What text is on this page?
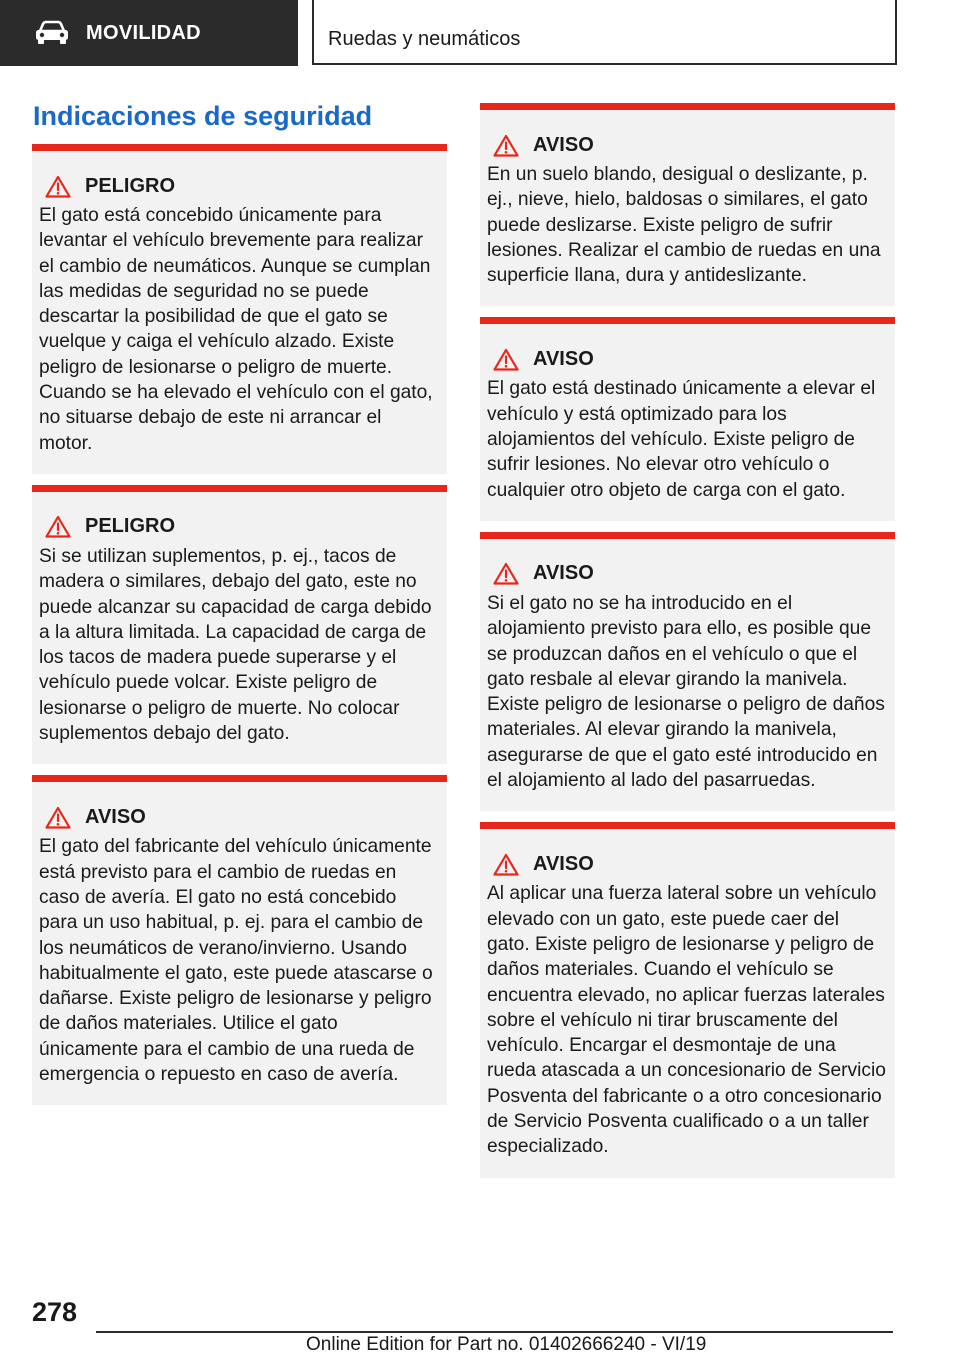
MOVILIDAD	Ruedas y neumáticos
Indicaciones de seguridad
PELIGRO

El gato está concebido únicamente para levantar el vehículo brevemente para realizar el cambio de neumáticos. Aunque se cumplan las medidas de seguridad no se puede descartar la posibilidad de que el gato se vuelque y caiga el vehículo alzado. Existe peligro de lesionarse o peligro de muerte. Cuando se ha elevado el vehículo con el gato, no situarse debajo de este ni arrancar el motor.

PELIGRO

Si se utilizan suplementos, p. ej., tacos de madera o similares, debajo del gato, este no puede alcanzar su capacidad de carga debido a la altura limitada. La capacidad de carga de los tacos de madera puede superarse y el vehículo puede volcar. Existe peligro de lesionarse o peligro de muerte. No colocar suplementos debajo del gato.

AVISO

El gato del fabricante del vehículo únicamente está previsto para el cambio de ruedas en caso de avería. El gato no está concebido para un uso habitual, p. ej. para el cambio de los neumáticos de verano/invierno. Usando habitualmente el gato, este puede atascarse o dañarse. Existe peligro de lesionarse y peligro de daños materiales. Utilice el gato únicamente para el cambio de una rueda de emergencia o repuesto en caso de avería.

AVISO

En un suelo blando, desigual o deslizante, p. ej., nieve, hielo, baldosas o similares, el gato puede deslizarse. Existe peligro de sufrir lesiones. Realizar el cambio de ruedas en una superficie llana, dura y antideslizante.

AVISO

El gato está destinado únicamente a elevar el vehículo y está optimizado para los alojamientos del vehículo. Existe peligro de sufrir lesiones. No elevar otro vehículo o cualquier otro objeto de carga con el gato.

AVISO

Si el gato no se ha introducido en el alojamiento previsto para ello, es posible que se produzcan daños en el vehículo o que el gato resbale al elevar girando la manivela. Existe peligro de lesionarse o peligro de daños materiales. Al elevar girando la manivela, asegurarse de que el gato esté introducido en el alojamiento al lado del pasarruedas.

AVISO

Al aplicar una fuerza lateral sobre un vehículo elevado con un gato, este puede caer del gato. Existe peligro de lesionarse y peligro de daños materiales. Cuando el vehículo se encuentra elevado, no aplicar fuerzas laterales sobre el vehículo ni tirar bruscamente del vehículo. Encargar el desmontaje de una rueda atascada a un concesionario de Servicio Posventa del fabricante o a otro concesionario de Servicio Posventa cualificado o a un taller especializado.

278
Online Edition for Part no. 01402666240 - VI/19
